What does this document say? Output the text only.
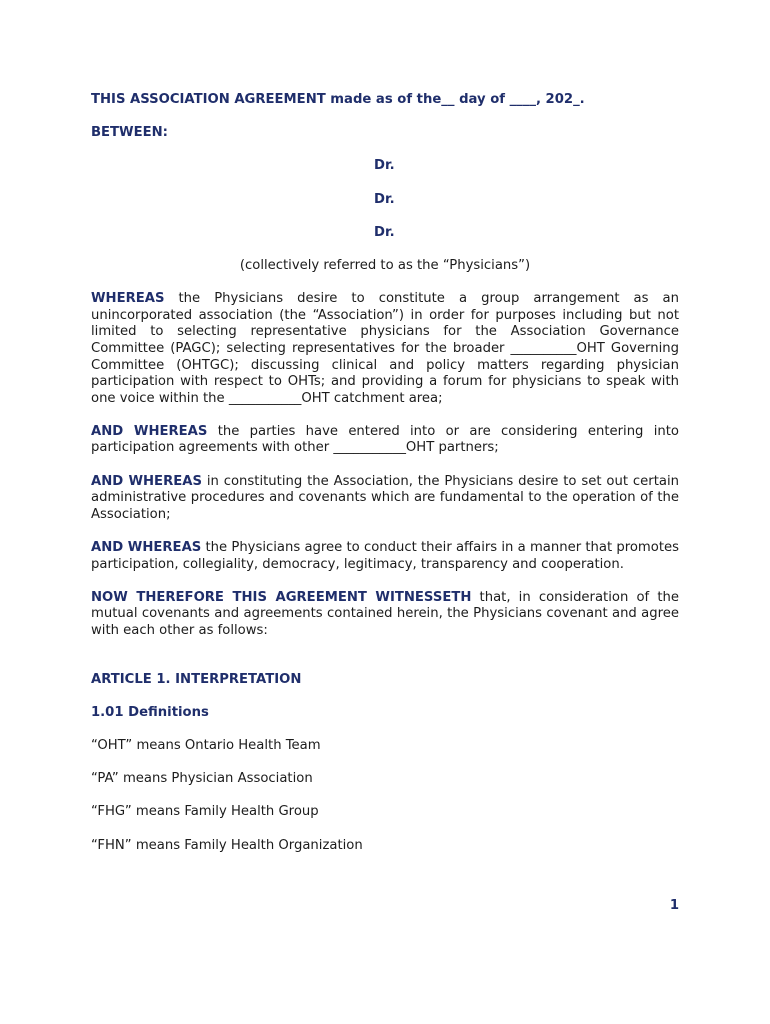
THIS ASSOCIATION AGREEMENT made as of the__ day of ____, 202_.

BETWEEN:

Dr.

Dr.

Dr.

(collectively referred to as the “Physicians”)

WHEREAS the Physicians desire to constitute a group arrangement as an unincorporated association (the “Association”) in order for purposes including but not limited to selecting representative physicians for the Association Governance Committee (PAGC); selecting representatives for the broader __________OHT Governing Committee (OHTGC); discussing clinical and policy matters regarding physician participation with respect to OHTs; and providing a forum for physicians to speak with one voice within the ___________OHT catchment area;

AND WHEREAS the parties have entered into or are considering entering into participation agreements with other ___________OHT partners;

AND WHEREAS in constituting the Association, the Physicians desire to set out certain administrative procedures and covenants which are fundamental to the operation of the Association;

AND WHEREAS the Physicians agree to conduct their affairs in a manner that promotes participation, collegiality, democracy, legitimacy, transparency and cooperation.

NOW THEREFORE THIS AGREEMENT WITNESSETH that, in consideration of the mutual covenants and agreements contained herein, the Physicians covenant and agree with each other as follows:

ARTICLE 1. INTERPRETATION

1.01 Definitions

“OHT” means Ontario Health Team

“PA” means Physician Association

“FHG” means Family Health Group

“FHN” means Family Health Organization

1
